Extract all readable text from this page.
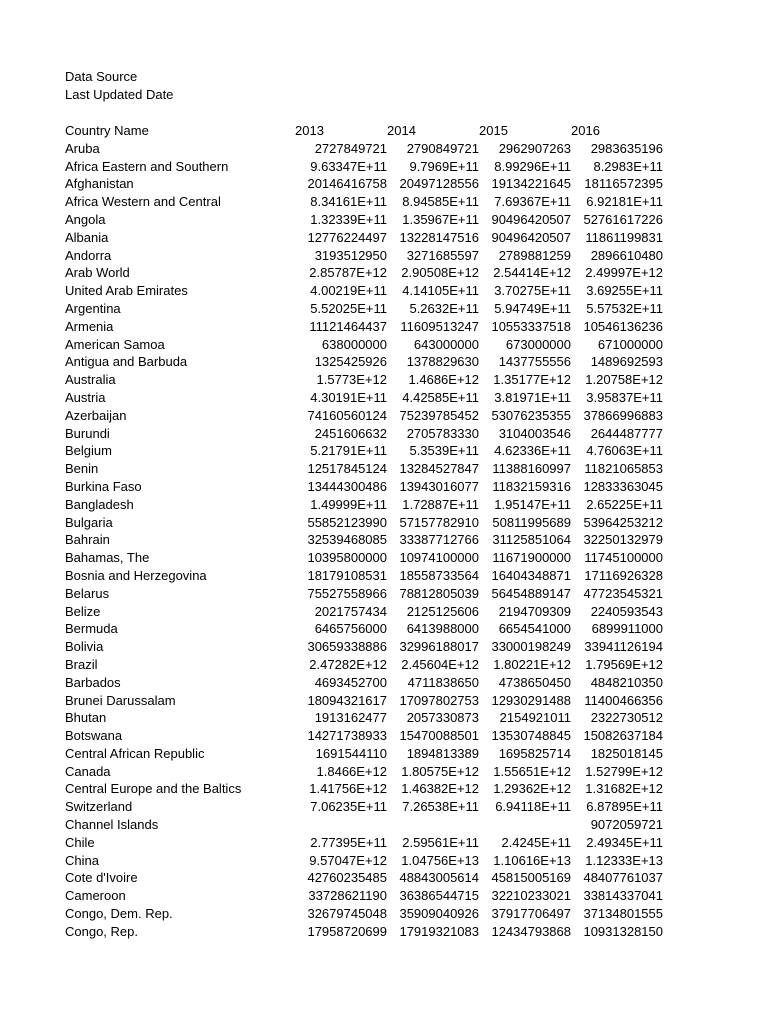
Data Source
Last Updated Date
Country Name	2013	2014	2015	2016
Aruba	2727849721	2790849721	2962907263	2983635196
Africa Eastern and Southern	9.63347E+11	9.7969E+11	8.99296E+11	8.2983E+11
Afghanistan	20146416758	20497128556	19134221645	18116572395
Africa Western and Central	8.34161E+11	8.94585E+11	7.69367E+11	6.92181E+11
Angola	1.32339E+11	1.35967E+11	90496420507	52761617226
Albania	12776224497	13228147516	90496420507	11861199831
Andorra	3193512950	3271685597	2789881259	2896610480
Arab World	2.85787E+12	2.90508E+12	2.54414E+12	2.49997E+12
United Arab Emirates	4.00219E+11	4.14105E+11	3.70275E+11	3.69255E+11
Argentina	5.52025E+11	5.2632E+11	5.94749E+11	5.57532E+11
Armenia	11121464437	11609513247	10553337518	10546136236
American Samoa	638000000	643000000	673000000	671000000
Antigua and Barbuda	1325425926	1378829630	1437755556	1489692593
Australia	1.5773E+12	1.4686E+12	1.35177E+12	1.20758E+12
Austria	4.30191E+11	4.42585E+11	3.81971E+11	3.95837E+11
Azerbaijan	74160560124	75239785452	53076235355	37866996883
Burundi	2451606632	2705783330	3104003546	2644487777
Belgium	5.21791E+11	5.3539E+11	4.62336E+11	4.76063E+11
Benin	12517845124	13284527847	11388160997	11821065853
Burkina Faso	13444300486	13943016077	11832159316	12833363045
Bangladesh	1.49999E+11	1.72887E+11	1.95147E+11	2.65225E+11
Bulgaria	55852123990	57157782910	50811995689	53964253212
Bahrain	32539468085	33387712766	31125851064	32250132979
Bahamas, The	10395800000	10974100000	11671900000	11745100000
Bosnia and Herzegovina	18179108531	18558733564	16404348871	17116926328
Belarus	75527558966	78812805039	56454889147	47723545321
Belize	2021757434	2125125606	2194709309	2240593543
Bermuda	6465756000	6413988000	6654541000	6899911000
Bolivia	30659338886	32996188017	33000198249	33941126194
Brazil	2.47282E+12	2.45604E+12	1.80221E+12	1.79569E+12
Barbados	4693452700	4711838650	4738650450	4848210350
Brunei Darussalam	18094321617	17097802753	12930291488	11400466356
Bhutan	1913162477	2057330873	2154921011	2322730512
Botswana	14271738933	15470088501	13530748845	15082637184
Central African Republic	1691544110	1894813389	1695825714	1825018145
Canada	1.8466E+12	1.80575E+12	1.55651E+12	1.52799E+12
Central Europe and the Baltics	1.41756E+12	1.46382E+12	1.29362E+12	1.31682E+12
Switzerland	7.06235E+11	7.26538E+11	6.94118E+11	6.87895E+11
Channel Islands				9072059721
Chile	2.77395E+11	2.59561E+11	2.4245E+11	2.49345E+11
China	9.57047E+12	1.04756E+13	1.10616E+13	1.12333E+13
Cote d'Ivoire	42760235485	48843005614	45815005169	48407761037
Cameroon	33728621190	36386544715	32210233021	33814337041
Congo, Dem. Rep.	32679745048	35909040926	37917706497	37134801555
Congo, Rep.	17958720699	17919321083	12434793868	10931328150
